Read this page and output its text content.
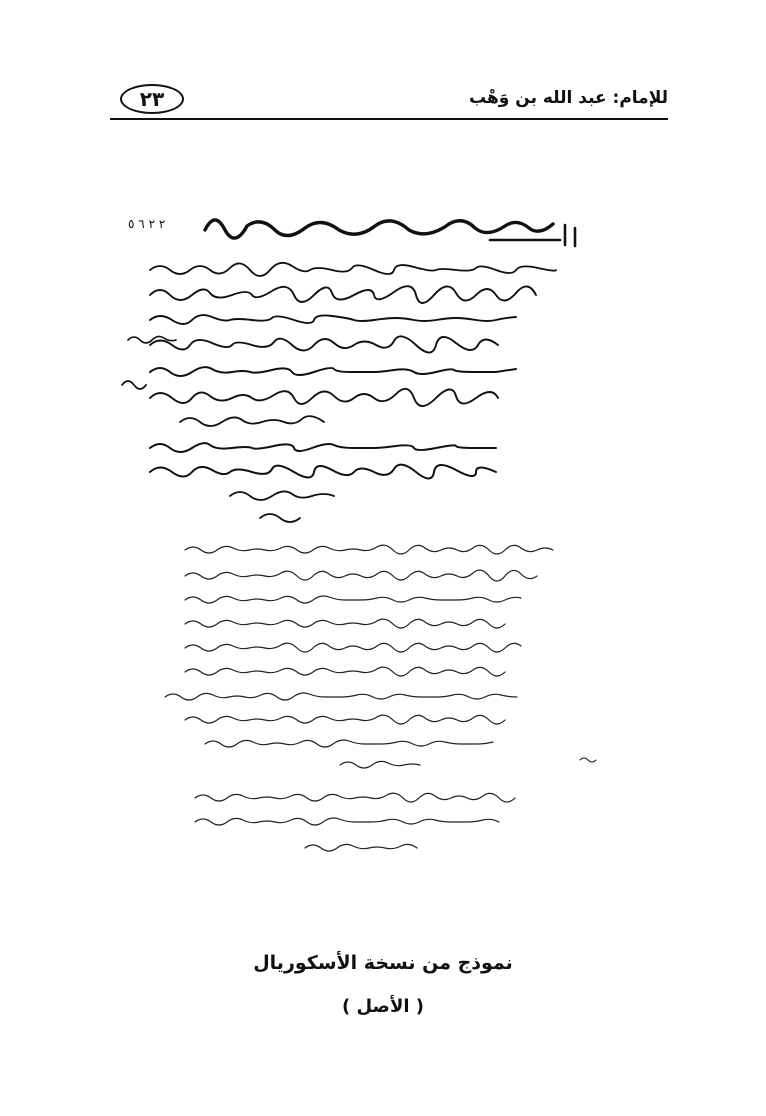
٢٣	للإمام: عبد الله بن وَهْب
٢ ٢ ٦ ٥
نموذج من نسخة الأسكوريال
( الأصل )
